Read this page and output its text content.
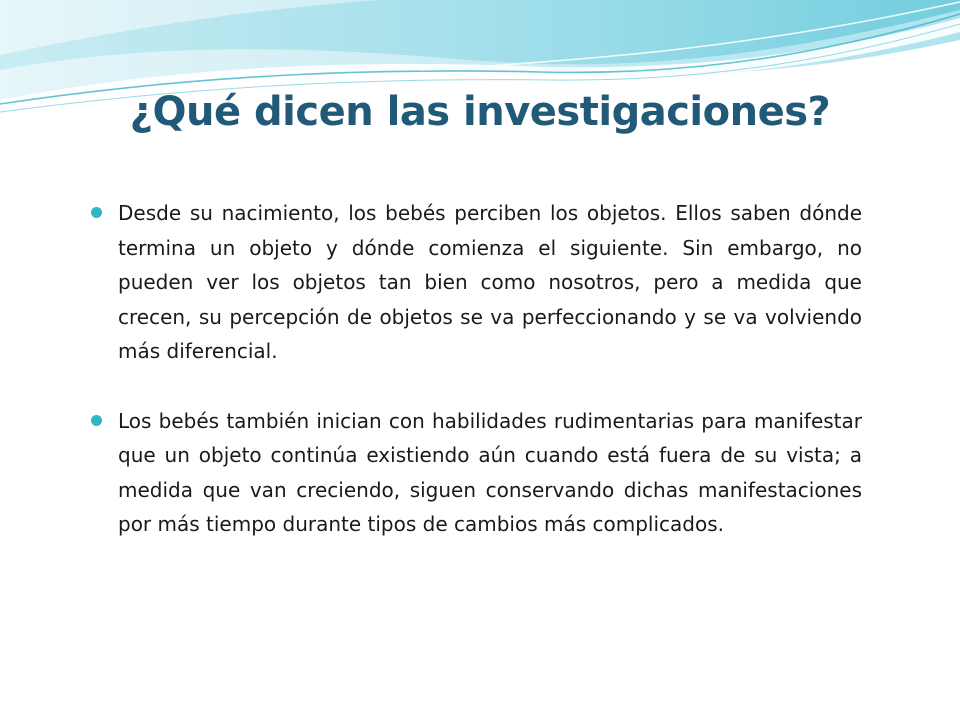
¿Qué dicen las investigaciones?
Desde su nacimiento, los bebés perciben los objetos. Ellos saben dónde termina un objeto y dónde comienza el siguiente. Sin embargo, no pueden ver los objetos tan bien como nosotros, pero a medida que crecen, su percepción de objetos se va perfeccionando y se va volviendo más diferencial.
Los bebés también inician con habilidades rudimentarias para manifestar que un objeto continúa existiendo aún cuando está fuera de su vista; a medida que van creciendo, siguen conservando dichas manifestaciones por más tiempo durante tipos de cambios más complicados.
